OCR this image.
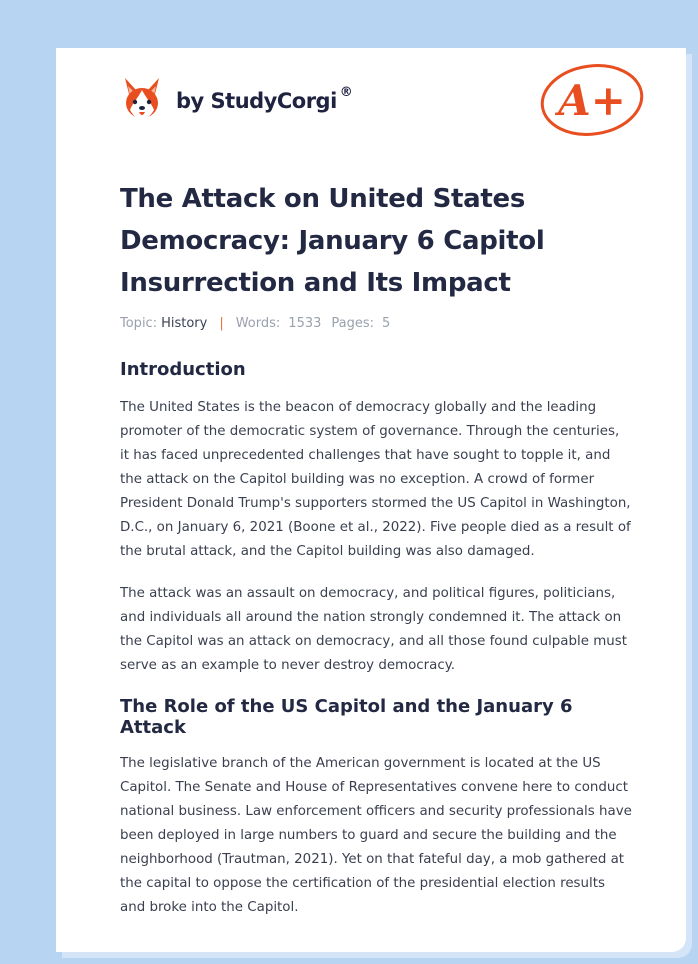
by StudyCorgi ®	A+
The Attack on United States Democracy: January 6 Capitol Insurrection and Its Impact
Topic: History | Words: 1533 Pages: 5
Introduction

The United States is the beacon of democracy globally and the leading promoter of the democratic system of governance. Through the centuries, it has faced unprecedented challenges that have sought to topple it, and the attack on the Capitol building was no exception. A crowd of former President Donald Trump's supporters stormed the US Capitol in Washington, D.C., on January 6, 2021 (Boone et al., 2022). Five people died as a result of the brutal attack, and the Capitol building was also damaged.

The attack was an assault on democracy, and political figures, politicians, and individuals all around the nation strongly condemned it. The attack on the Capitol was an attack on democracy, and all those found culpable must serve as an example to never destroy democracy.

The Role of the US Capitol and the January 6 Attack

The legislative branch of the American government is located at the US Capitol. The Senate and House of Representatives convene here to conduct national business. Law enforcement officers and security professionals have been deployed in large numbers to guard and secure the building and the neighborhood (Trautman, 2021). Yet on that fateful day, a mob gathered at the capital to oppose the certification of the presidential election results and broke into the Capitol.
